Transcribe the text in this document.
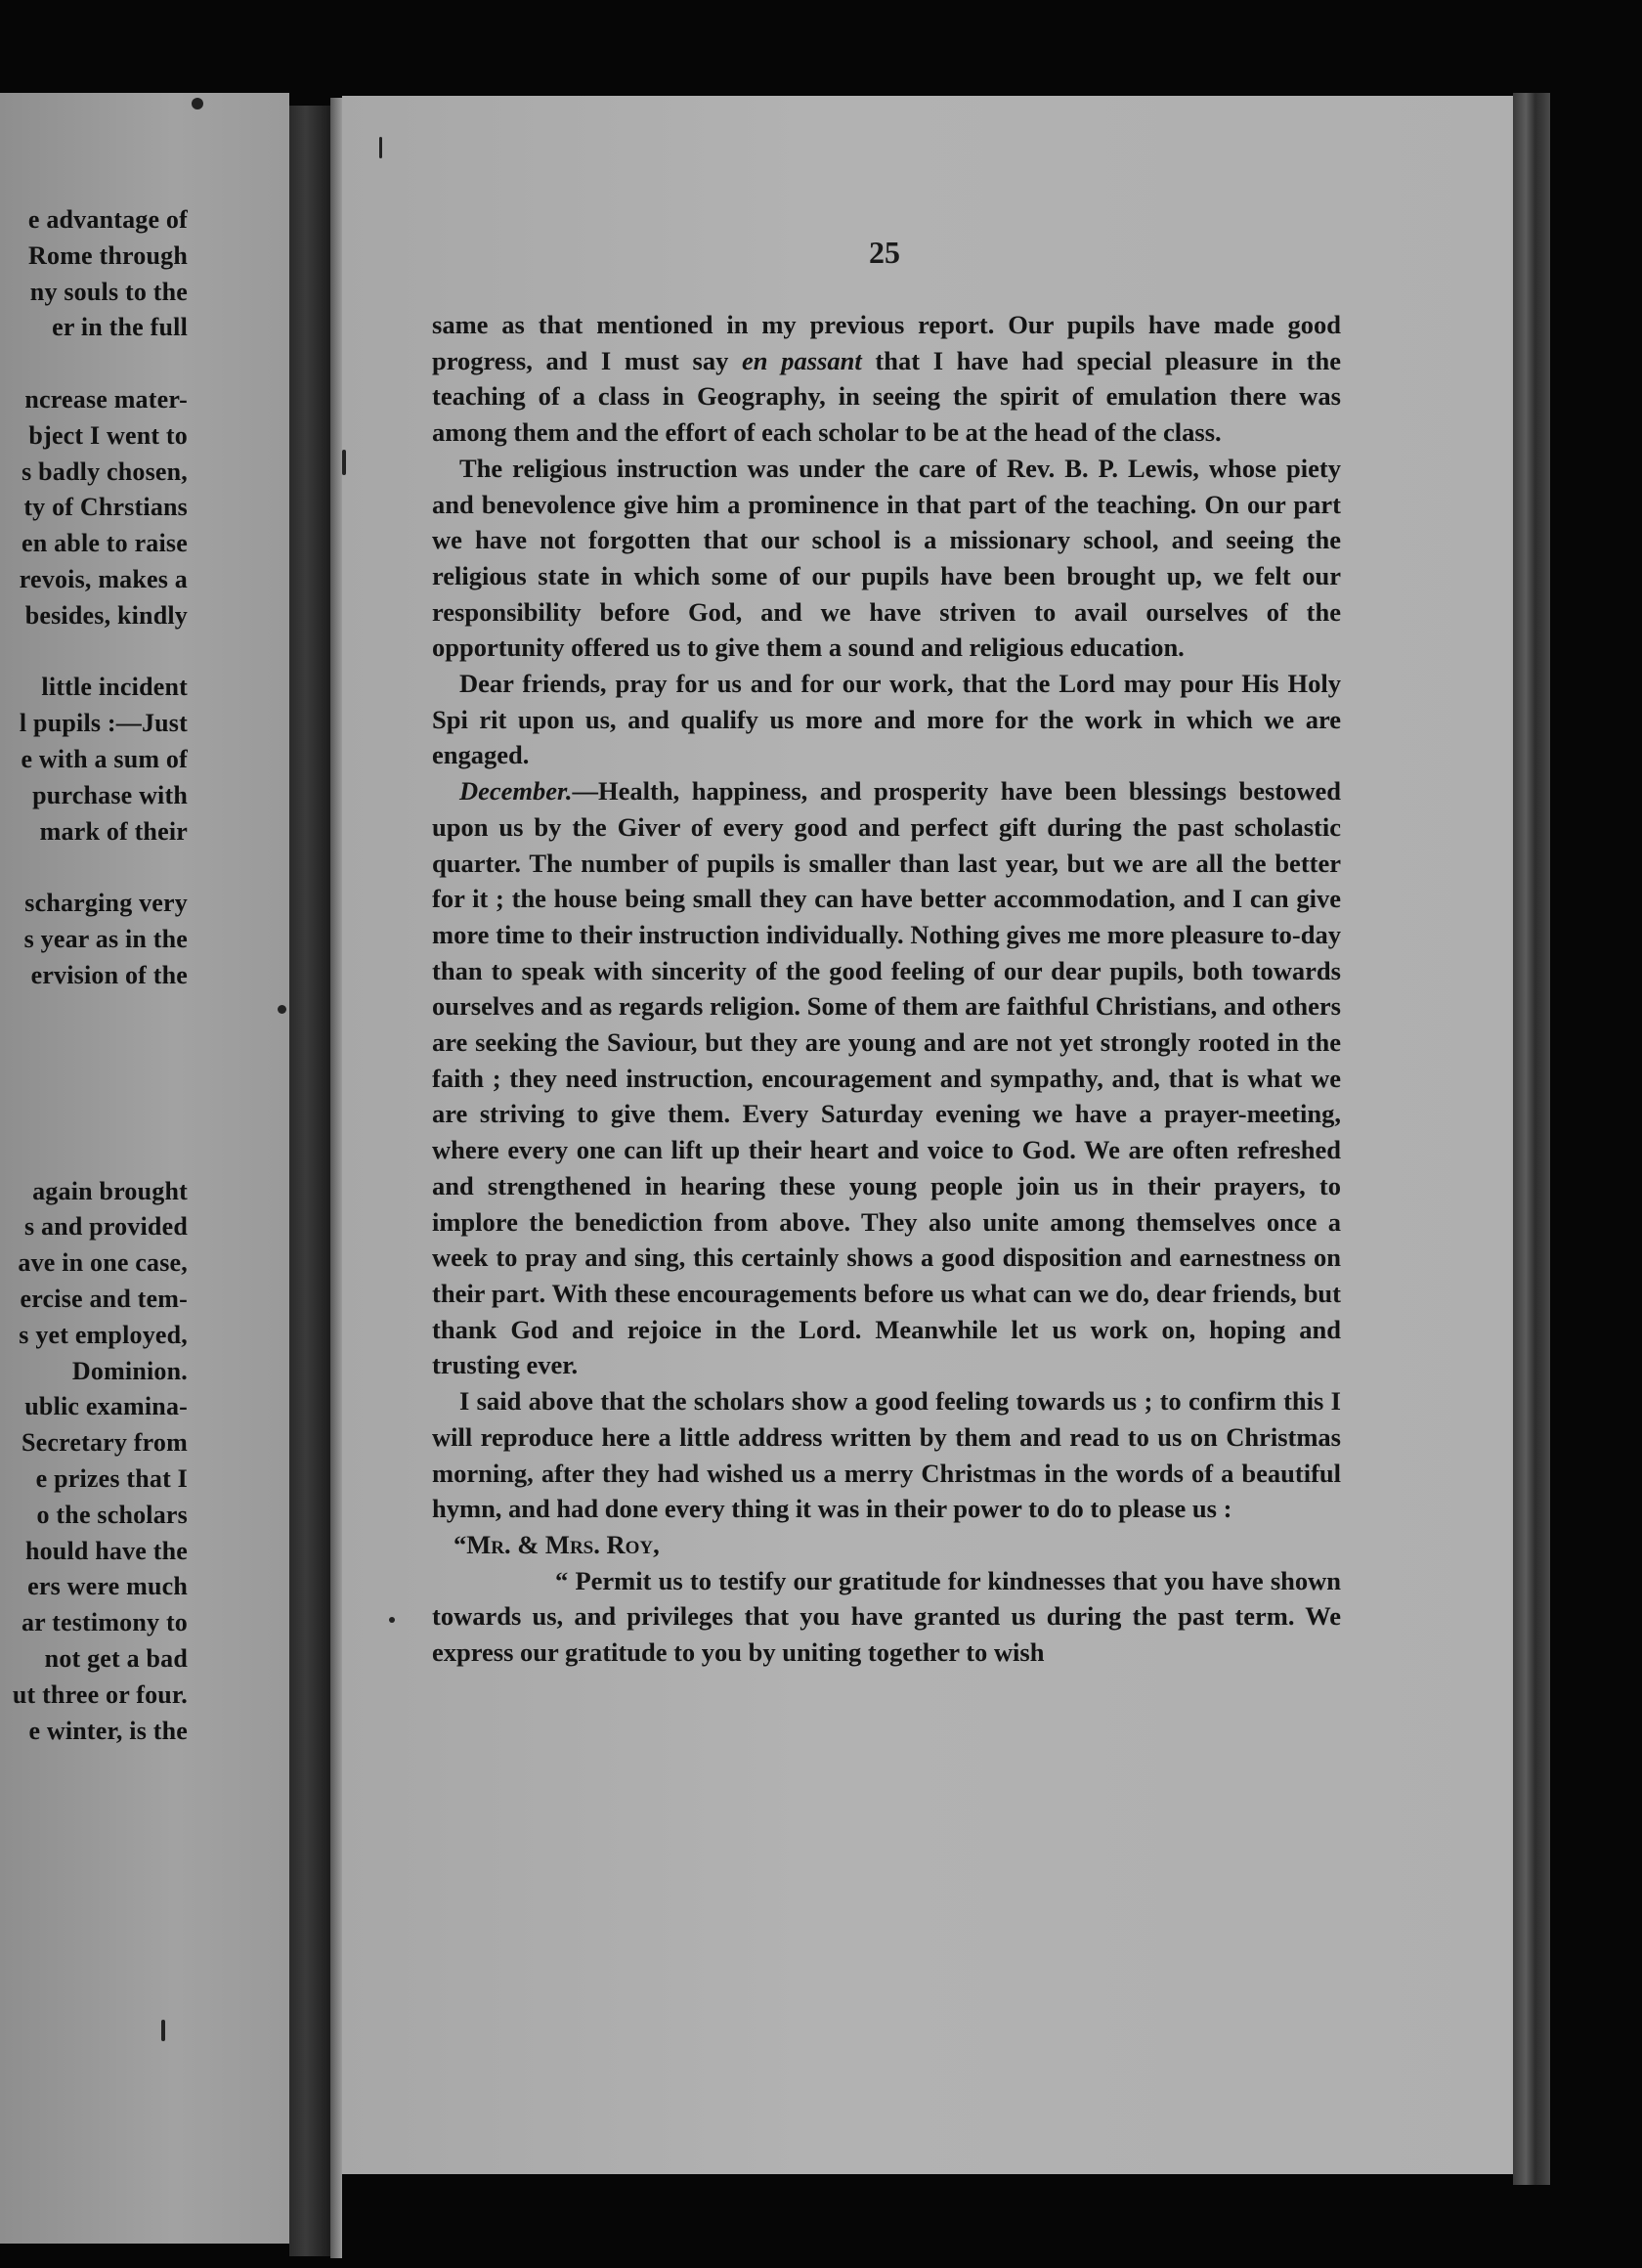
e advantage of
Rome through
ny souls to the
er in the full
ncrease mater-
bject I went to
s badly chosen,
ty of Chrstians
en able to raise
revois, makes a
besides, kindly
little incident
l pupils :—Just
e with a sum of
purchase with
mark of their
scharging very
s year as in the
ervision of the
again brought
s and provided
ave in one case,
ercise and tem-
s yet employed,
Dominion.
ublic examina-
Secretary from
e prizes that I
o the scholars
hould have the
ers were much
ar testimony to
not get a bad
ut three or four.
e winter, is the
25

same as that mentioned in my previous report. Our pupils have made good progress, and I must say en passant that I have had special pleasure in the teaching of a class in Geography, in seeing the spirit of emulation there was among them and the effort of each scholar to be at the head of the class.

The religious instruction was under the care of Rev. B. P. Lewis, whose piety and benevolence give him a prominence in that part of the teaching. On our part we have not forgotten that our school is a missionary school, and seeing the religious state in which some of our pupils have been brought up, we felt our responsibility before God, and we have striven to avail ourselves of the opportunity offered us to give them a sound and religious education.

Dear friends, pray for us and for our work, that the Lord may pour His Holy Spi rit upon us, and qualify us more and more for the work in which we are engaged.

December.—Health, happiness, and prosperity have been blessings bestowed upon us by the Giver of every good and perfect gift during the past scholastic quarter. The number of pupils is smaller than last year, but we are all the better for it ; the house being small they can have better accommodation, and I can give more time to their instruction individually. Nothing gives me more pleasure to-day than to speak with sincerity of the good feeling of our dear pupils, both towards ourselves and as regards religion. Some of them are faithful Christians, and others are seeking the Saviour, but they are young and are not yet strongly rooted in the faith ; they need instruction, encouragement and sympathy, and, that is what we are striving to give them. Every Saturday evening we have a prayer-meeting, where every one can lift up their heart and voice to God. We are often refreshed and strengthened in hearing these young people join us in their prayers, to implore the benediction from above. They also unite among themselves once a week to pray and sing, this certainly shows a good disposition and earnestness on their part. With these encouragements before us what can we do, dear friends, but thank God and rejoice in the Lord. Meanwhile let us work on, hoping and trusting ever.

I said above that the scholars show a good feeling towards us ; to confirm this I will reproduce here a little address written by them and read to us on Christmas morning, after they had wished us a merry Christmas in the words of a beautiful hymn, and had done every thing it was in their power to do to please us :

“Mr. & Mrs. Roy,

“ Permit us to testify our gratitude for kindnesses that you have shown towards us, and privileges that you have granted us during the past term. We express our gratitude to you by uniting together to wish
